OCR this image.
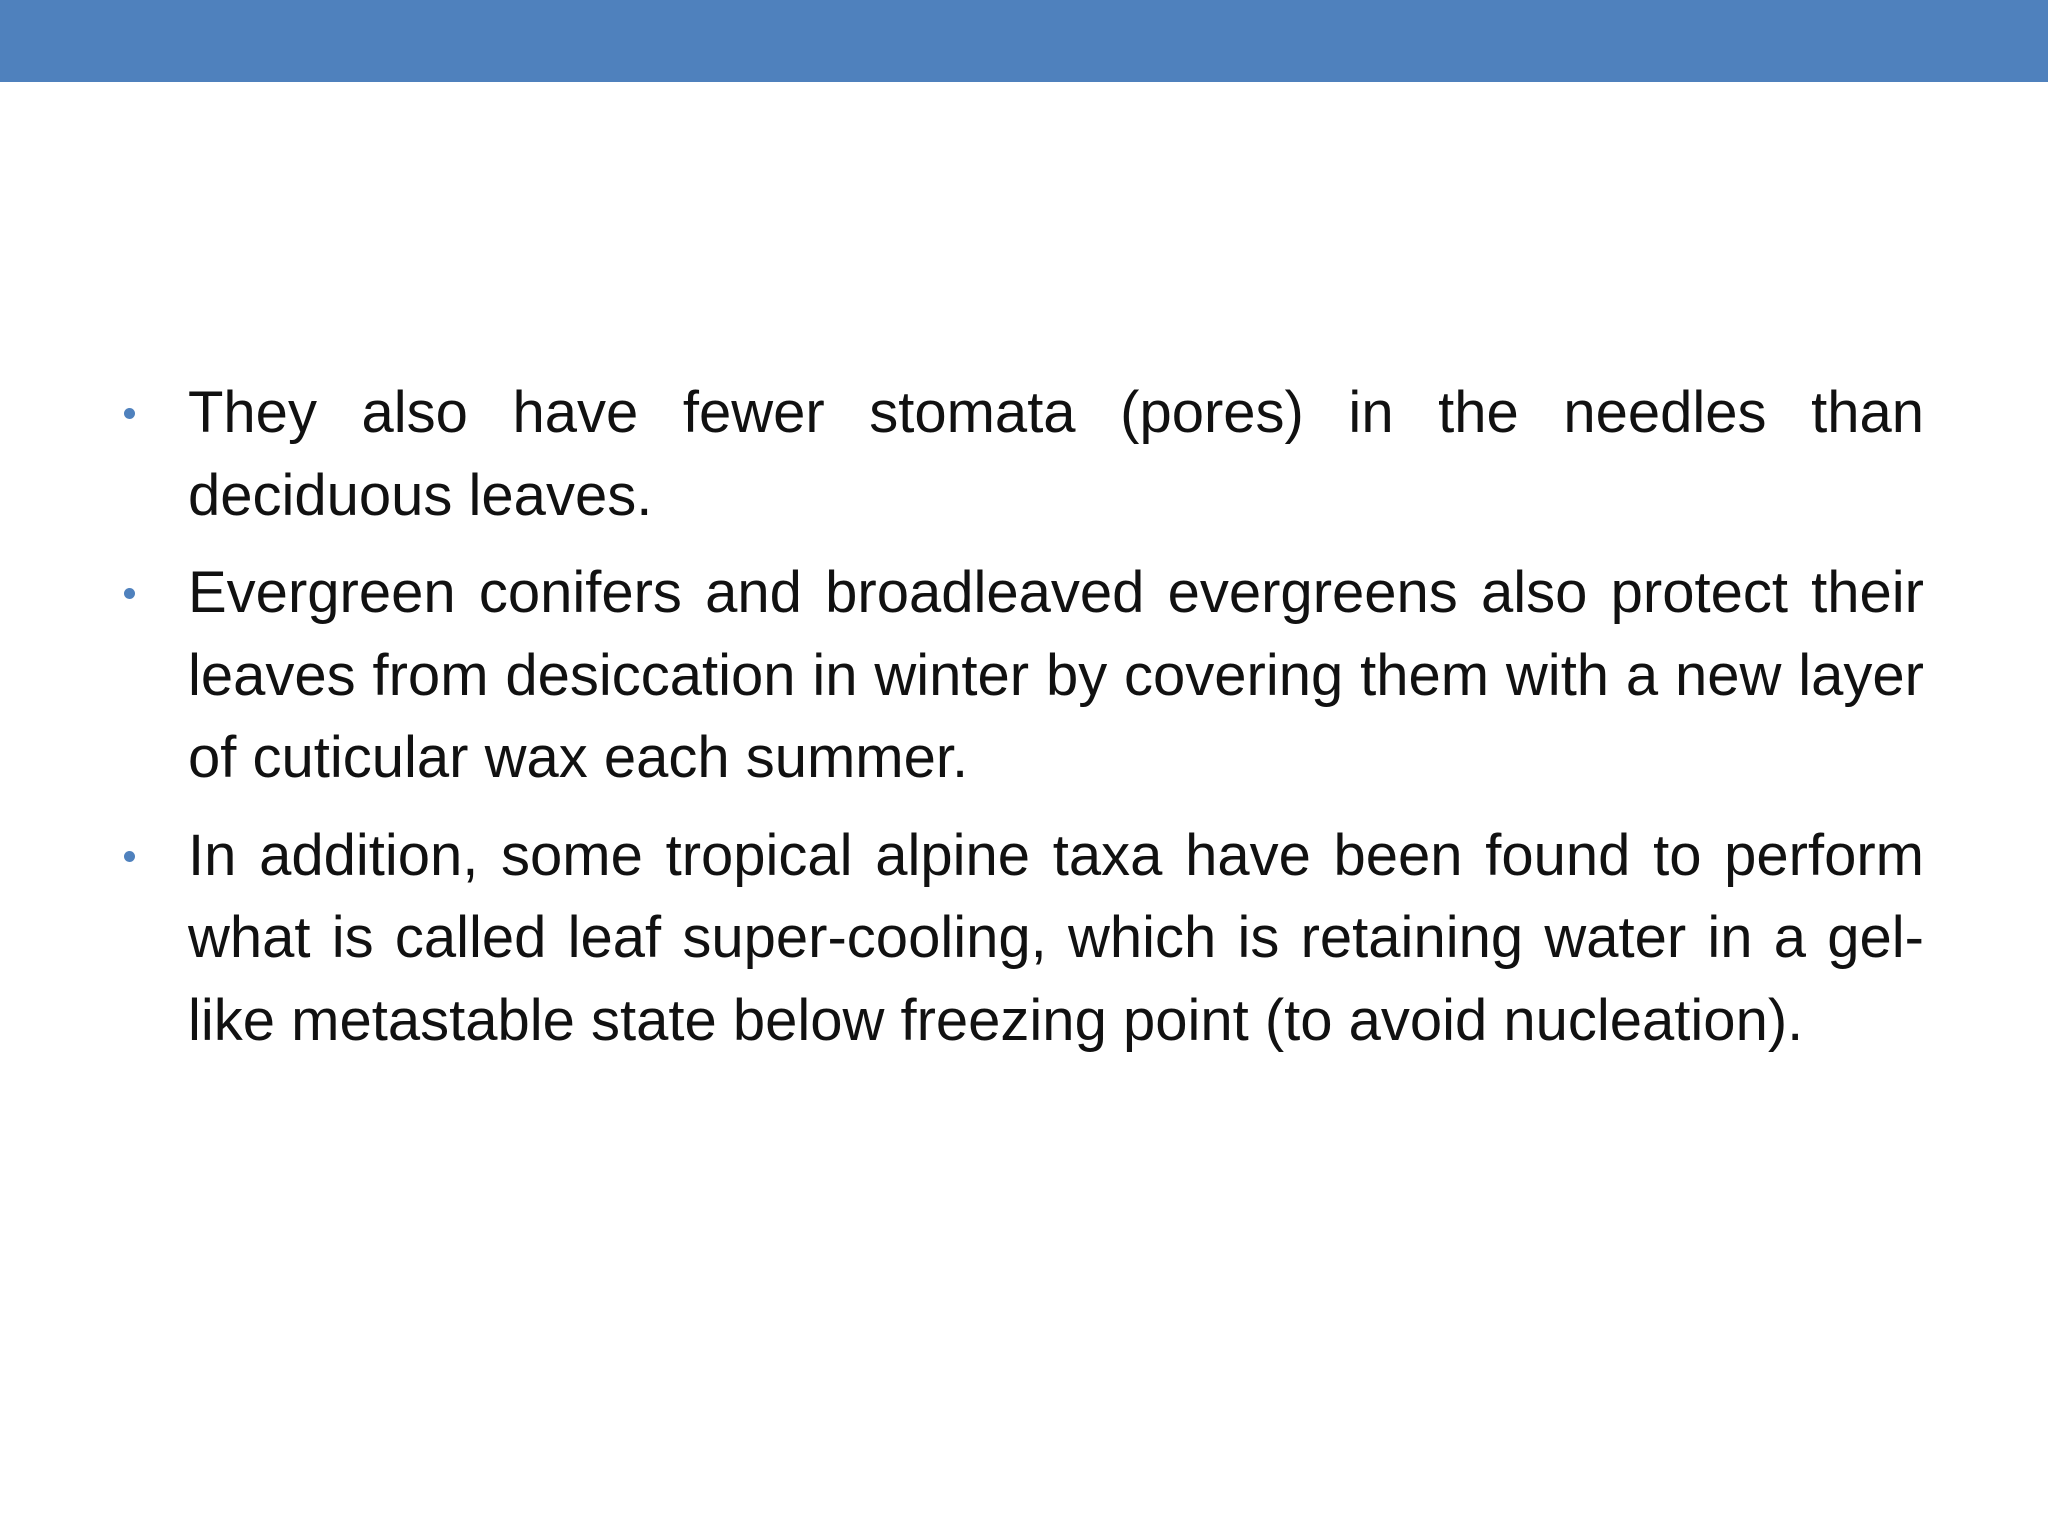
They also have fewer stomata (pores) in the needles than deciduous leaves.
Evergreen conifers and broadleaved evergreens also protect their leaves from desiccation in winter by covering them with a new layer of cuticular wax each summer.
In addition, some tropical alpine taxa have been found to perform what is called leaf super-cooling, which is retaining water in a gel-like metastable state below freezing point (to avoid nucleation).
